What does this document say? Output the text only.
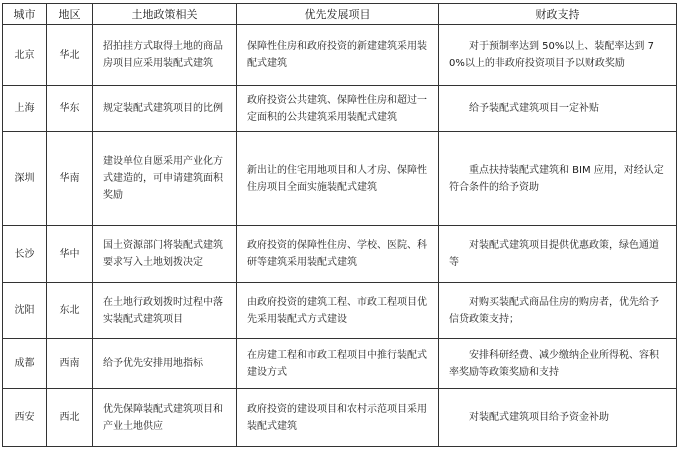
城市	地区	土地政策相关	优先发展项目	财政支持
北京	华北	招拍挂方式取得土地的商品房项目应采用装配式建筑	保障性住房和政府投资的新建建筑采用装配式建筑	对于预制率达到 50%以上、装配率达到 70%以上的非政府投资项目予以财政奖励
上海	华东	规定装配式建筑项目的比例	政府投资公共建筑、保障性住房和超过一定面积的公共建筑采用装配式建筑	给予装配式建筑项目一定补贴
深圳	华南	建设单位自愿采用产业化方式建造的，可申请建筑面积奖励	新出让的住宅用地项目和人才房、保障性住房项目全面实施装配式建筑	重点扶持装配式建筑和 BIM 应用，对经认定符合条件的给予资助
长沙	华中	国土资源部门将装配式建筑要求写入土地划拨决定	政府投资的保障性住房、学校、医院、科研等建筑采用装配式建筑	对装配式建筑项目提供优惠政策，绿色通道等
沈阳	东北	在土地行政划拨时过程中落实装配式建筑项目	由政府投资的建筑工程、市政工程项目优先采用装配式方式建设	对购买装配式商品住房的购房者，优先给予信贷政策支持；
成都	西南	给予优先安排用地指标	在房建工程和市政工程项目中推行装配式建设方式	安排科研经费、减少缴纳企业所得税、容积率奖励等政策奖励和支持
西安	西北	优先保障装配式建筑项目和产业土地供应	政府投资的建设项目和农村示范项目采用装配式建筑	对装配式建筑项目给予资金补助
